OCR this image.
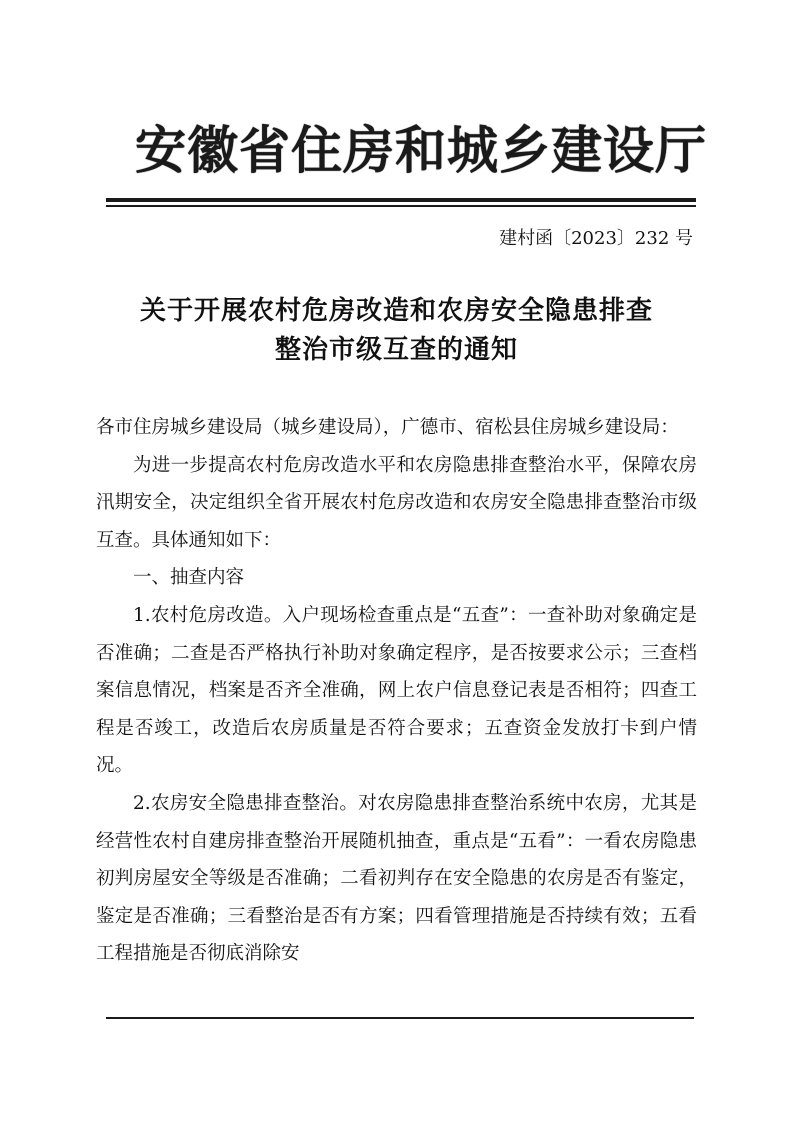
安徽省住房和城乡建设厅
建村函〔2023〕232 号
关于开展农村危房改造和农房安全隐患排查
整治市级互查的通知

各市住房城乡建设局（城乡建设局），广德市、宿松县住房城乡建设局：

为进一步提高农村危房改造水平和农房隐患排查整治水平，保障农房汛期安全，决定组织全省开展农村危房改造和农房安全隐患排查整治市级互查。具体通知如下：

一、抽查内容

1.农村危房改造。入户现场检查重点是“五查”：一查补助对象确定是否准确；二查是否严格执行补助对象确定程序，是否按要求公示；三查档案信息情况，档案是否齐全准确，网上农户信息登记表是否相符；四查工程是否竣工，改造后农房质量是否符合要求；五查资金发放打卡到户情况。

2.农房安全隐患排查整治。对农房隐患排查整治系统中农房，尤其是经营性农村自建房排查整治开展随机抽查，重点是“五看”：一看农房隐患初判房屋安全等级是否准确；二看初判存在安全隐患的农房是否有鉴定，鉴定是否准确；三看整治是否有方案；四看管理措施是否持续有效；五看工程措施是否彻底消除安
